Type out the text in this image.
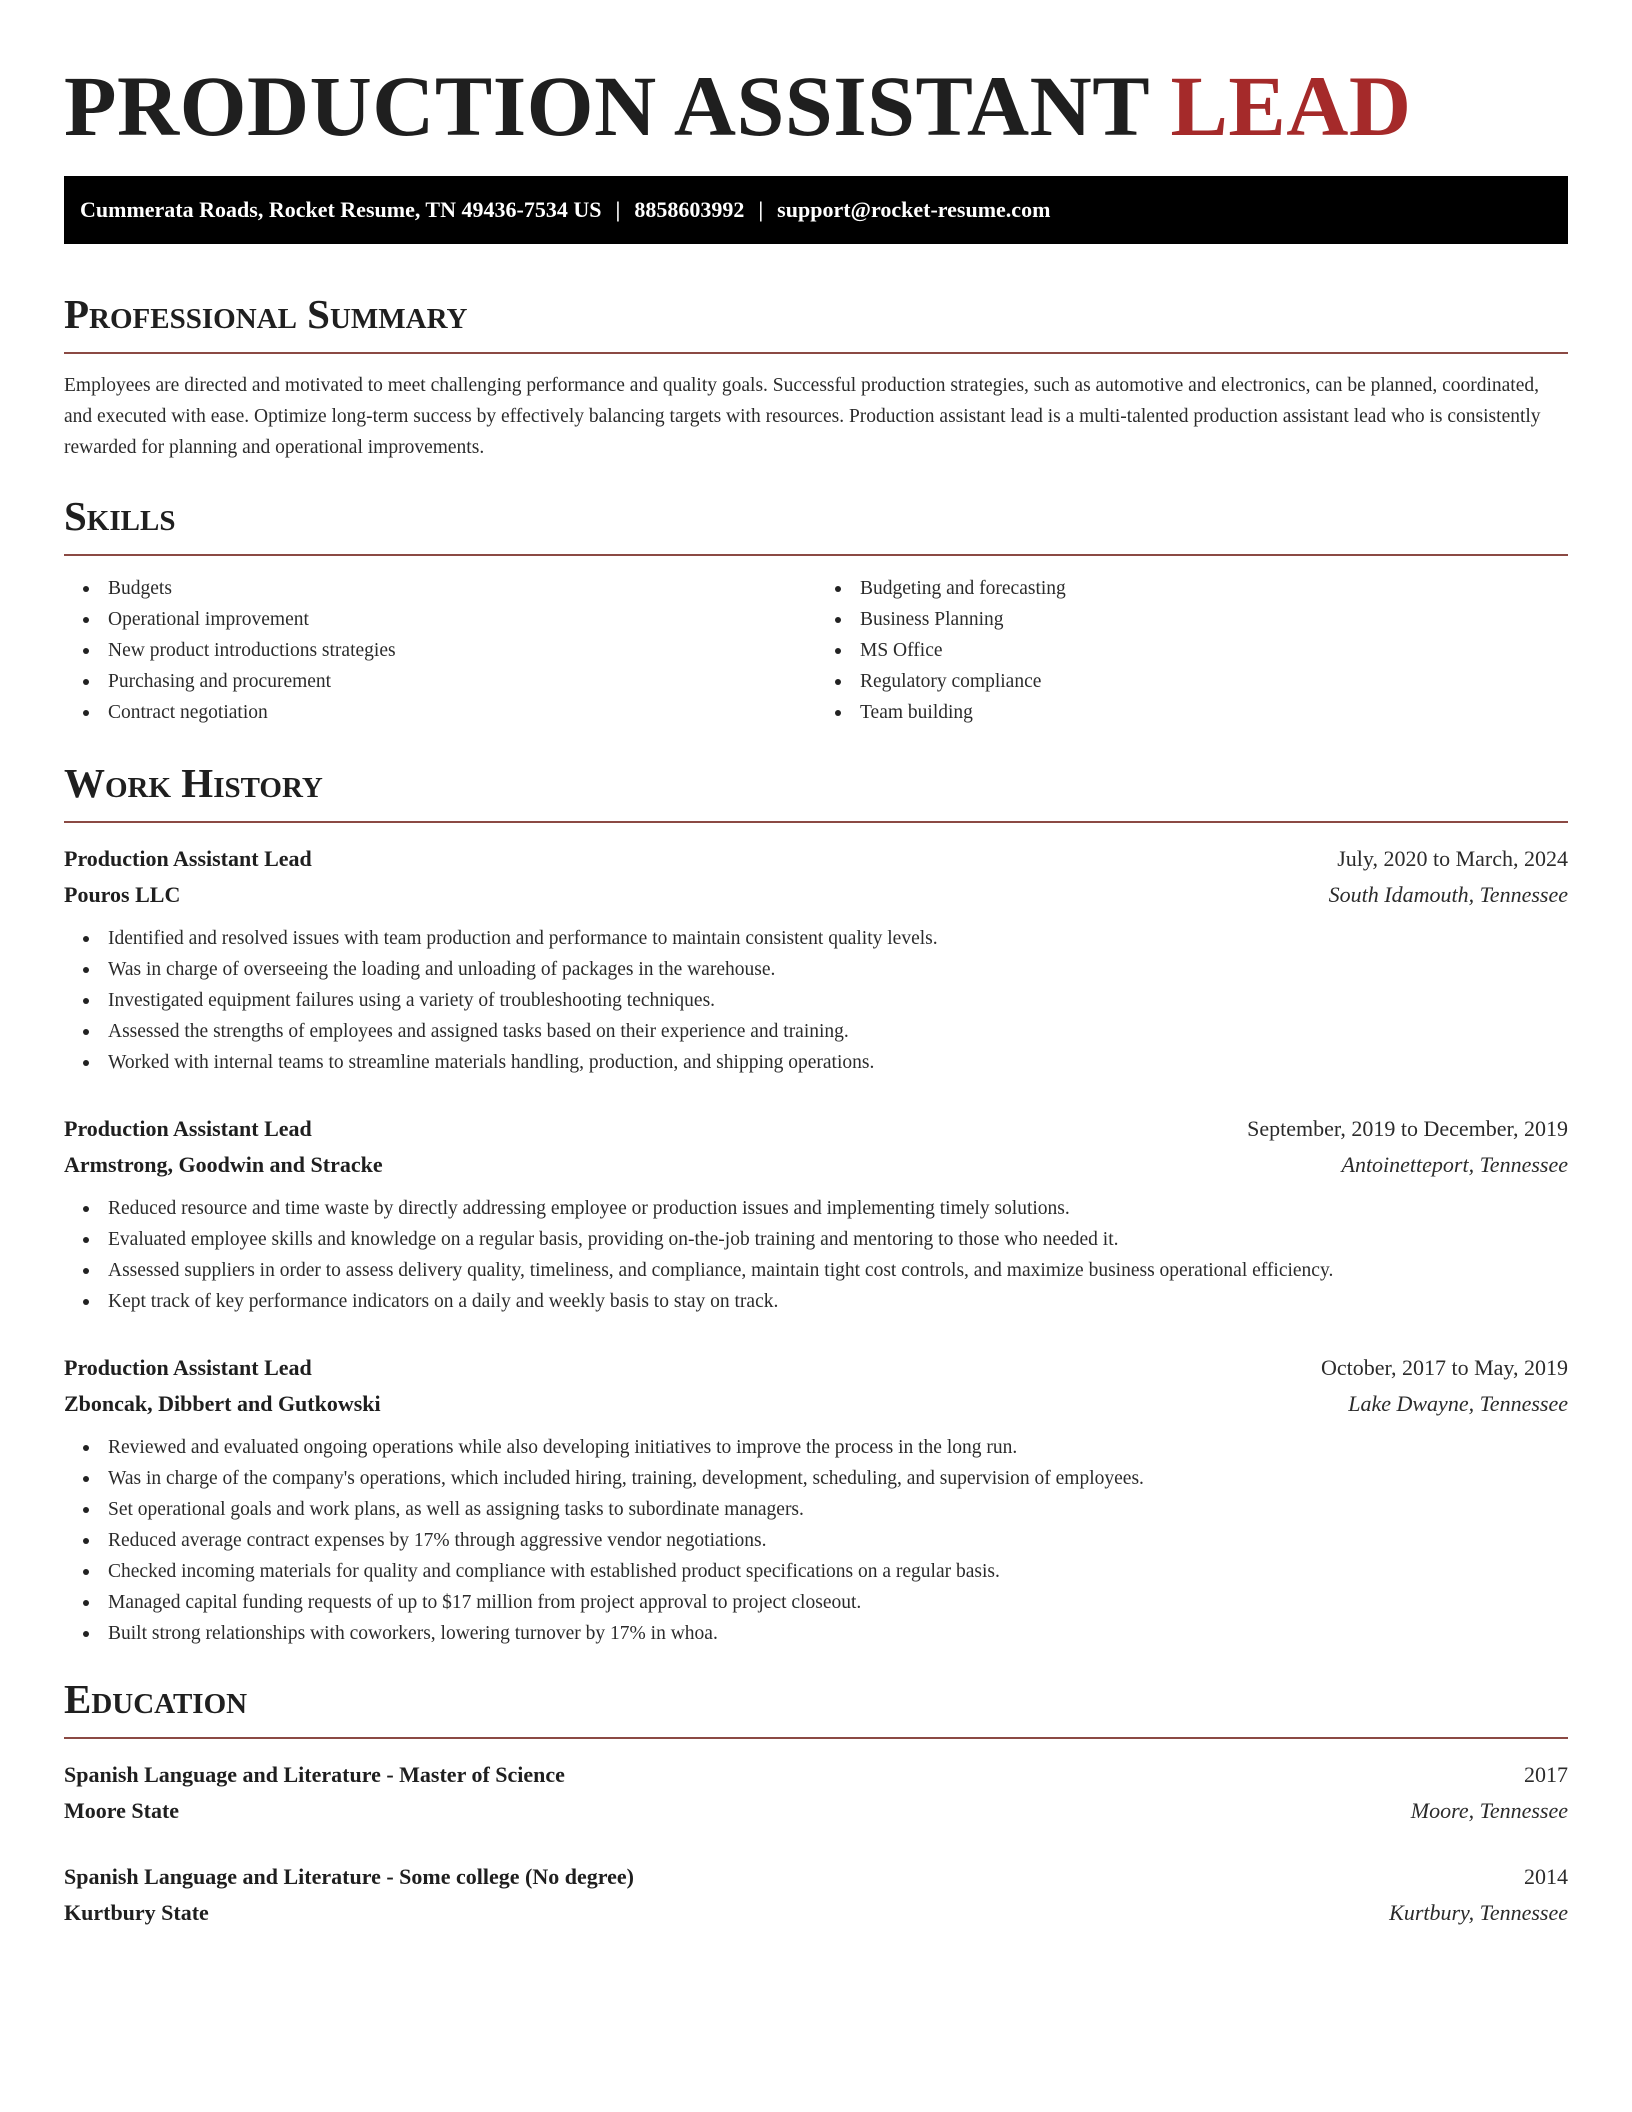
PRODUCTION ASSISTANT LEAD
Cummerata Roads, Rocket Resume, TN 49436-7534 US | 8858603992 | support@rocket-resume.com
Professional Summary
Employees are directed and motivated to meet challenging performance and quality goals. Successful production strategies, such as automotive and electronics, can be planned, coordinated, and executed with ease. Optimize long-term success by effectively balancing targets with resources. Production assistant lead is a multi-talented production assistant lead who is consistently rewarded for planning and operational improvements.
Skills
Budgets
Operational improvement
New product introductions strategies
Purchasing and procurement
Contract negotiation
Budgeting and forecasting
Business Planning
MS Office
Regulatory compliance
Team building
Work History
Production Assistant Lead	July, 2020 to March, 2024
Pouros LLC	South Idamouth, Tennessee
Identified and resolved issues with team production and performance to maintain consistent quality levels.
Was in charge of overseeing the loading and unloading of packages in the warehouse.
Investigated equipment failures using a variety of troubleshooting techniques.
Assessed the strengths of employees and assigned tasks based on their experience and training.
Worked with internal teams to streamline materials handling, production, and shipping operations.
Production Assistant Lead	September, 2019 to December, 2019
Armstrong, Goodwin and Stracke	Antoinetteport, Tennessee
Reduced resource and time waste by directly addressing employee or production issues and implementing timely solutions.
Evaluated employee skills and knowledge on a regular basis, providing on-the-job training and mentoring to those who needed it.
Assessed suppliers in order to assess delivery quality, timeliness, and compliance, maintain tight cost controls, and maximize business operational efficiency.
Kept track of key performance indicators on a daily and weekly basis to stay on track.
Production Assistant Lead	October, 2017 to May, 2019
Zboncak, Dibbert and Gutkowski	Lake Dwayne, Tennessee
Reviewed and evaluated ongoing operations while also developing initiatives to improve the process in the long run.
Was in charge of the company's operations, which included hiring, training, development, scheduling, and supervision of employees.
Set operational goals and work plans, as well as assigning tasks to subordinate managers.
Reduced average contract expenses by 17% through aggressive vendor negotiations.
Checked incoming materials for quality and compliance with established product specifications on a regular basis.
Managed capital funding requests of up to $17 million from project approval to project closeout.
Built strong relationships with coworkers, lowering turnover by 17% in whoa.
Education
Spanish Language and Literature - Master of Science	2017
Moore State	Moore, Tennessee
Spanish Language and Literature - Some college (No degree)	2014
Kurtbury State	Kurtbury, Tennessee
